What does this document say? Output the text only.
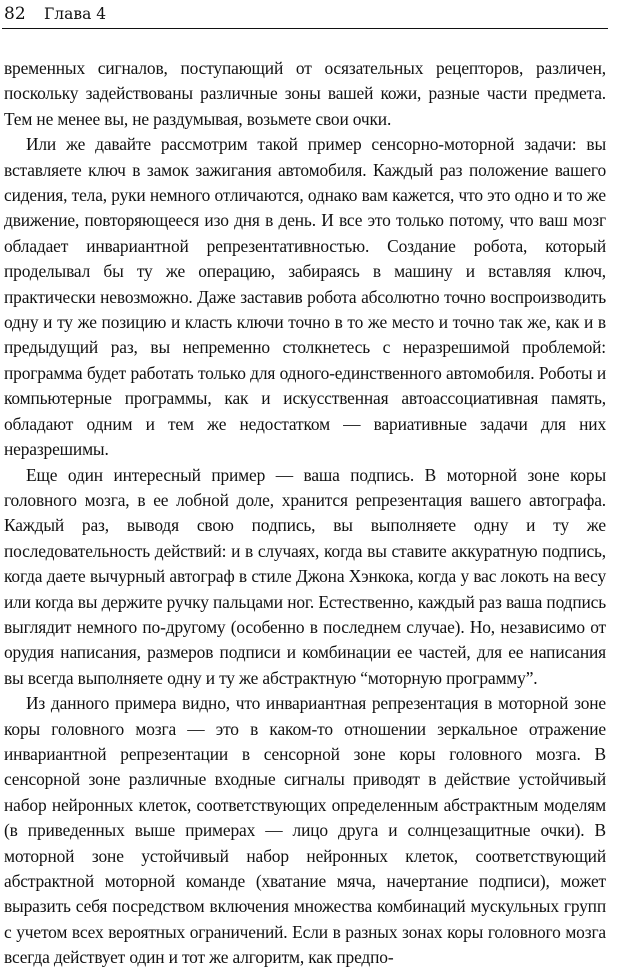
82 Глава 4

временных сигналов, поступающий от осязательных рецепторов, различен, поскольку задействованы различные зоны вашей кожи, разные части предмета. Тем не менее вы, не раздумывая, возьмете свои очки.

Или же давайте рассмотрим такой пример сенсорно-моторной задачи: вы вставляете ключ в замок зажигания автомобиля. Каждый раз положение вашего сидения, тела, руки немного отличаются, однако вам кажется, что это одно и то же движение, повторяющееся изо дня в день. И все это только потому, что ваш мозг обладает инвариантной репрезентативностью. Создание робота, который проделывал бы ту же операцию, забираясь в машину и вставляя ключ, практически невозможно. Даже заставив робота абсолютно точно воспроизводить одну и ту же позицию и класть ключи точно в то же место и точно так же, как и в предыдущий раз, вы непременно столкнетесь с неразрешимой проблемой: программа будет работать только для одного-единственного автомобиля. Роботы и компьютерные программы, как и искусственная автоассоциативная память, обладают одним и тем же недостатком — вариативные задачи для них неразрешимы.

Еще один интересный пример — ваша подпись. В моторной зоне коры головного мозга, в ее лобной доле, хранится репрезентация вашего автографа. Каждый раз, выводя свою подпись, вы выполняете одну и ту же последовательность действий: и в случаях, когда вы ставите аккуратную подпись, когда даете вычурный автограф в стиле Джона Хэнкока, когда у вас локоть на весу или когда вы держите ручку пальцами ног. Естественно, каждый раз ваша подпись выглядит немного по-другому (особенно в последнем случае). Но, независимо от орудия написания, размеров подписи и комбинации ее частей, для ее написания вы всегда выполняете одну и ту же абстрактную “моторную программу”.

Из данного примера видно, что инвариантная репрезентация в моторной зоне коры головного мозга — это в каком-то отношении зеркальное отражение инвариантной репрезентации в сенсорной зоне коры головного мозга. В сенсорной зоне различные входные сигналы приводят в действие устойчивый набор нейронных клеток, соответствующих определенным абстрактным моделям (в приведенных выше примерах — лицо друга и солнцезащитные очки). В моторной зоне устойчивый набор нейронных клеток, соответствующий абстрактной моторной команде (хватание мяча, начертание подписи), может выразить себя посредством включения множества комбинаций мускульных групп с учетом всех вероятных ограничений. Если в разных зонах коры головного мозга всегда действует один и тот же алгоритм, как предпо-
